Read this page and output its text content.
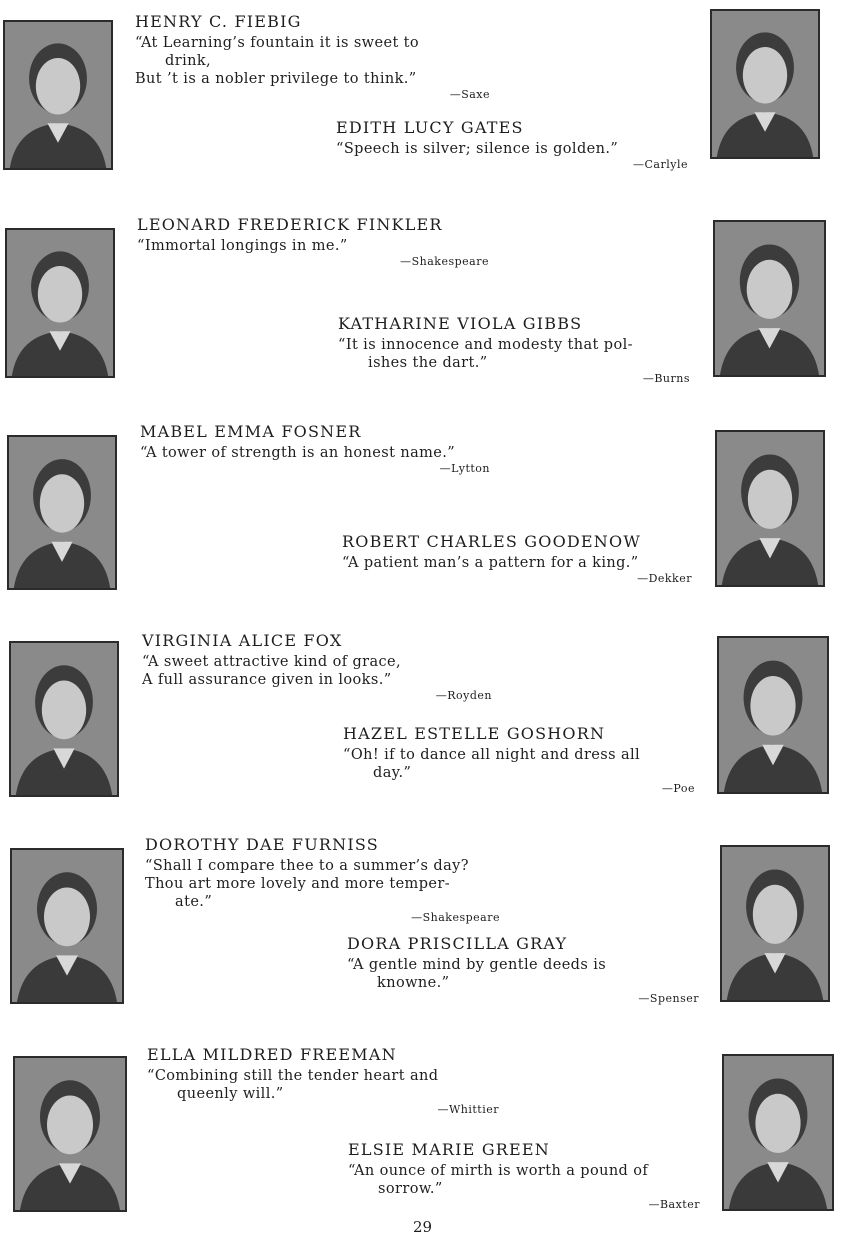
HENRY C. FIEBIG

“At Learning’s fountain it is sweet to
drink,
But ’t is a nobler privilege to think.”

—Saxe

EDITH LUCY GATES

“Speech is silver; silence is golden.”

—Carlyle

LEONARD FREDERICK FINKLER

“Immortal longings in me.”

—Shakespeare

KATHARINE VIOLA GIBBS

“It is innocence and modesty that pol-
ishes the dart.”

—Burns

MABEL EMMA FOSNER

“A tower of strength is an honest name.”

—Lytton

ROBERT CHARLES GOODENOW

“A patient man’s a pattern for a king.”

—Dekker

VIRGINIA ALICE FOX

“A sweet attractive kind of grace,
A full assurance given in looks.”

—Royden

HAZEL ESTELLE GOSHORN

“Oh! if to dance all night and dress all
day.”

—Poe

DOROTHY DAE FURNISS

“Shall I compare thee to a summer’s day?
Thou art more lovely and more temper-
ate.”

—Shakespeare

DORA PRISCILLA GRAY

“A gentle mind by gentle deeds is
knowne.”

—Spenser

ELLA MILDRED FREEMAN

“Combining still the tender heart and
queenly will.”

—Whittier

ELSIE MARIE GREEN

“An ounce of mirth is worth a pound of
sorrow.”

—Baxter

29
